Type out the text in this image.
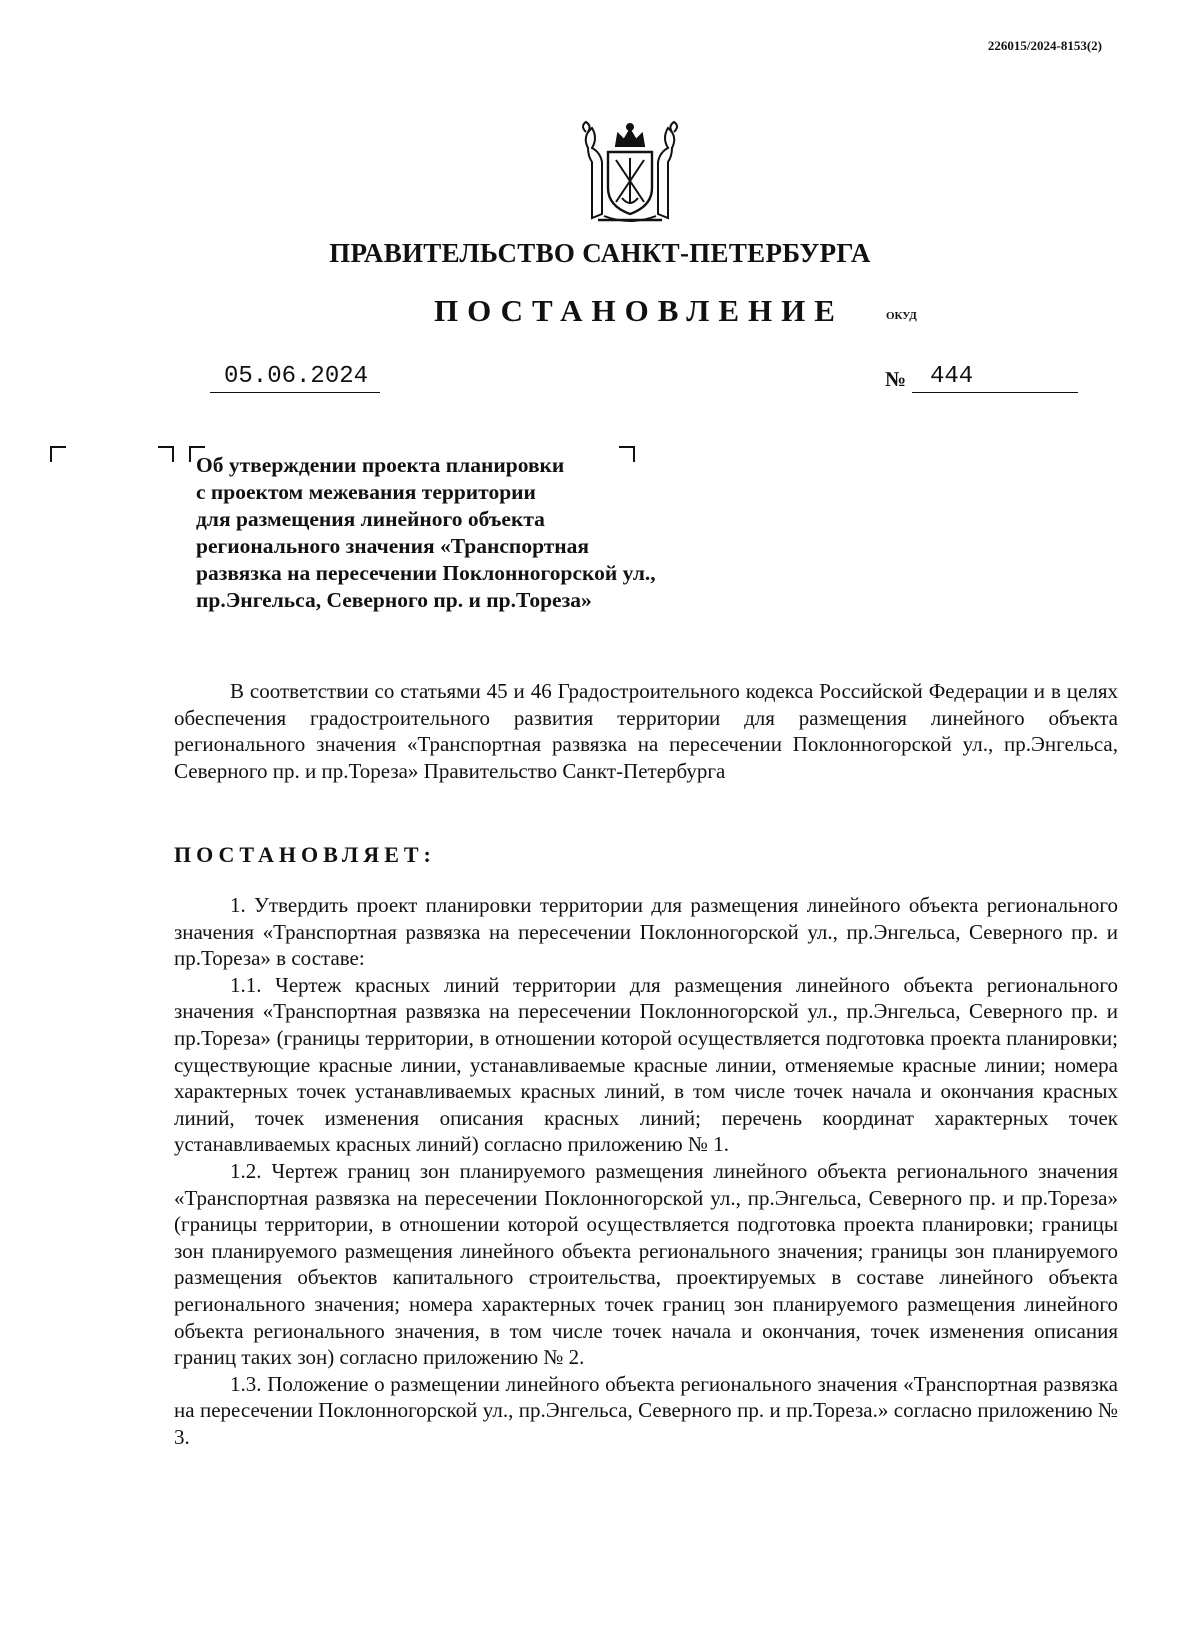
226015/2024-8153(2)
ПРАВИТЕЛЬСТВО САНКТ-ПЕТЕРБУРГА
ПОСТАНОВЛЕНИЕ	ОКУД
05.06.2024	№ 444
Об утверждении проекта планировки
с проектом межевания территории
для размещения линейного объекта
регионального значения «Транспортная
развязка на пересечении Поклонногорской ул.,
пр.Энгельса, Северного пр. и пр.Тореза»

В соответствии со статьями 45 и 46 Градостроительного кодекса Российской Федерации и в целях обеспечения градостроительного развития территории для размещения линейного объекта регионального значения «Транспортная развязка на пересечении Поклонногорской ул., пр.Энгельса, Северного пр. и пр.Тореза» Правительство Санкт-Петербурга

ПОСТАНОВЛЯЕТ:

1. Утвердить проект планировки территории для размещения линейного объекта регионального значения «Транспортная развязка на пересечении Поклонногорской ул., пр.Энгельса, Северного пр. и пр.Тореза» в составе:

1.1. Чертеж красных линий территории для размещения линейного объекта регионального значения «Транспортная развязка на пересечении Поклонногорской ул., пр.Энгельса, Северного пр. и пр.Тореза» (границы территории, в отношении которой осуществляется подготовка проекта планировки; существующие красные линии, устанавливаемые красные линии, отменяемые красные линии; номера характерных точек устанавливаемых красных линий, в том числе точек начала и окончания красных линий, точек изменения описания красных линий; перечень координат характерных точек устанавливаемых красных линий) согласно приложению № 1.

1.2. Чертеж границ зон планируемого размещения линейного объекта регионального значения «Транспортная развязка на пересечении Поклонногорской ул., пр.Энгельса, Северного пр. и пр.Тореза» (границы территории, в отношении которой осуществляется подготовка проекта планировки; границы зон планируемого размещения линейного объекта регионального значения; границы зон планируемого размещения объектов капитального строительства, проектируемых в составе линейного объекта регионального значения; номера характерных точек границ зон планируемого размещения линейного объекта регионального значения, в том числе точек начала и окончания, точек изменения описания границ таких зон) согласно приложению № 2.

1.3. Положение о размещении линейного объекта регионального значения «Транспортная развязка на пересечении Поклонногорской ул., пр.Энгельса, Северного пр. и пр.Тореза.» согласно приложению № 3.
